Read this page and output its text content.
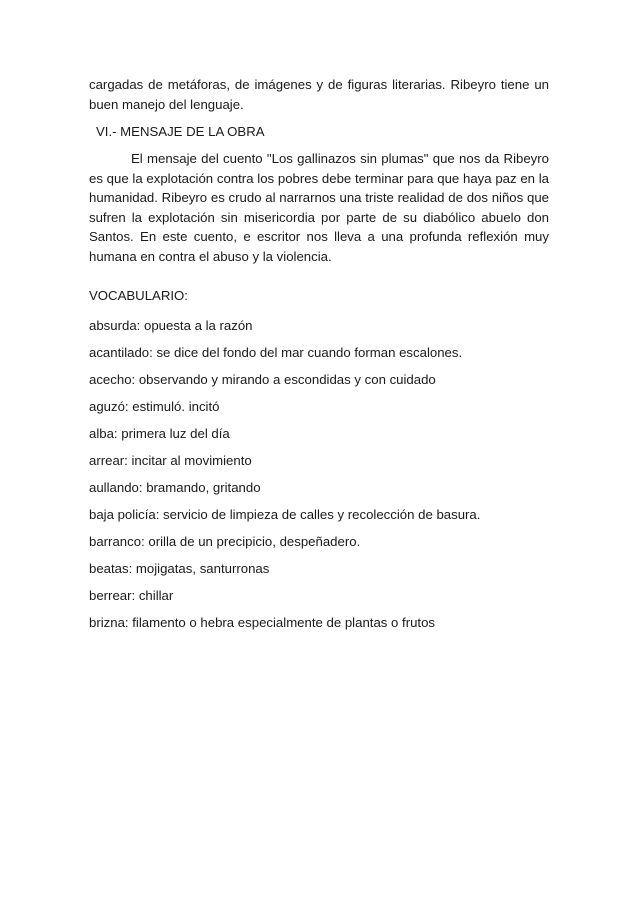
cargadas de metáforas, de imágenes y de figuras literarias. Ribeyro tiene un buen manejo del lenguaje.

VI.- MENSAJE DE LA OBRA

El mensaje del cuento "Los gallinazos sin plumas" que nos da Ribeyro es que la explotación contra los pobres debe terminar para que haya paz en la humanidad. Ribeyro es crudo al narrarnos una triste realidad de dos niños que sufren la explotación sin misericordia por parte de su diabólico abuelo don Santos. En este cuento, e escritor nos lleva a una profunda reflexión muy humana en contra el abuso y la violencia.

VOCABULARIO:
absurda: opuesta a la razón
acantilado: se dice del fondo del mar cuando forman escalones.
acecho: observando y mirando a escondidas y con cuidado
aguzó: estimuló. incitó
alba: primera luz del día
arrear: incitar al movimiento
aullando: bramando, gritando
baja policía: servicio de limpieza de calles y recolección de basura.
barranco: orilla de un precipicio, despeñadero.
beatas: mojigatas, santurronas
berrear: chillar
brizna: filamento o hebra especialmente de plantas o frutos
